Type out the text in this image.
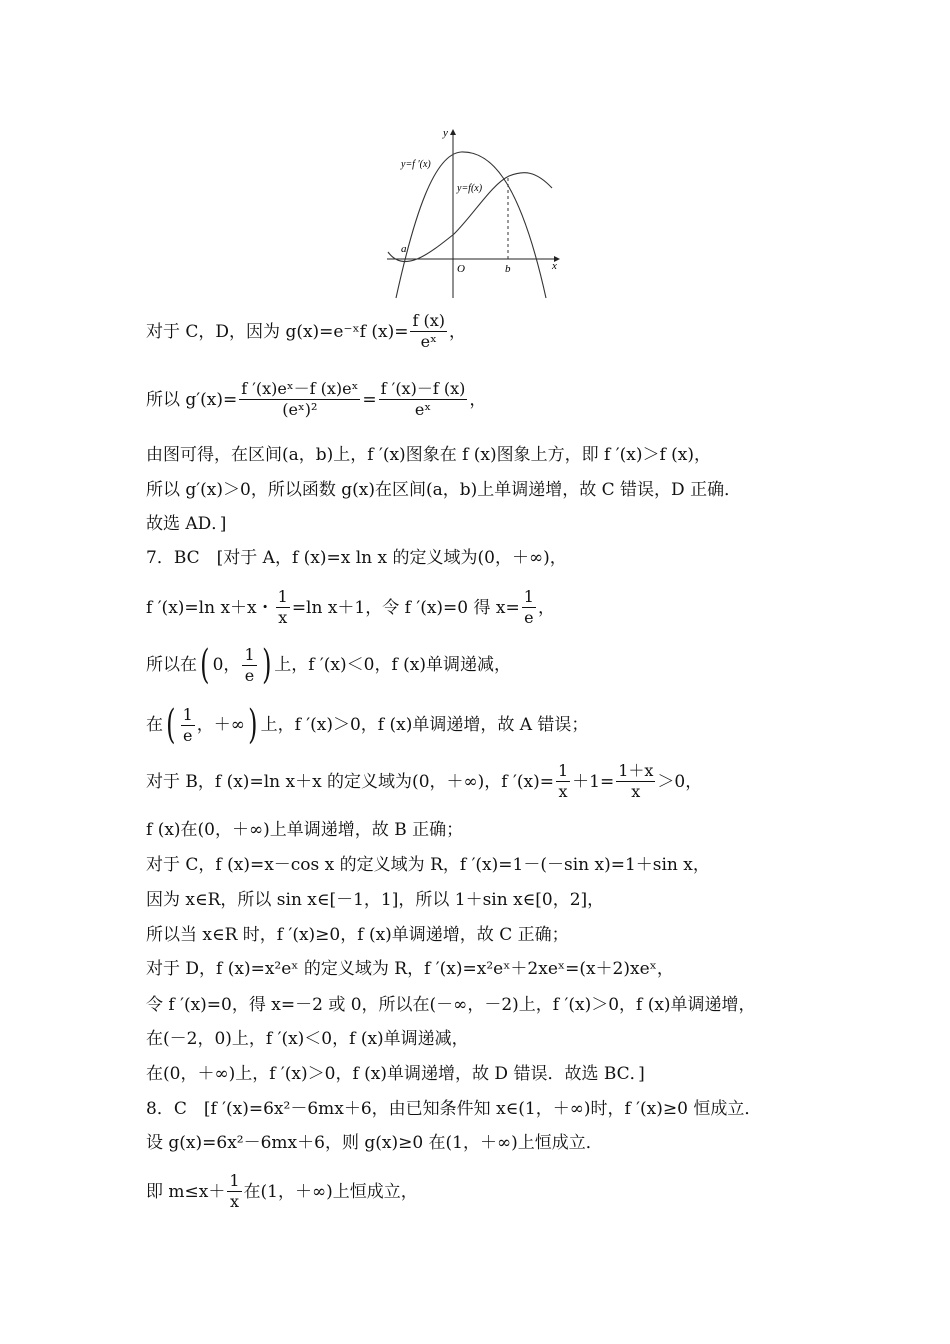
y=f ′(x)
y=f(x)
a
O	b	x
y
对于 C，D，因为 g(x)=e⁻ˣf $(x)= \frac{f (x)}{\text{eˣ}}$ ，
所以 $g'(x)= \frac{\text{f ′(x)eˣ－f (x)eˣ}}{\text{(eˣ)²}} = \frac{f '(x)-f (x)}{\text{eˣ}}$ ，
由图可得，在区间(a，b)上，f ′(x)图象在 f (x)图象上方，即 f ′(x)＞f (x)，
所以 g′(x)＞0，所以函数 g(x)在区间(a，b)上单调递增，故 C 错误，D 正确．
故选 AD．]
7．BC　[对于 A，f (x)=x ln x 的定义域为(0，＋∞)，
f ′(x)=ln x＋x・ $\frac{1}{x} =\ln$ x＋1，令 f ′(x)=0 得 $x= \frac{1}{e}$ ，
所以在 ( 0， $\frac{1}{e}$ ) 上，f ′(x)＜0，f (x)单调递减，
在 ( $\frac{1}{e}$ ，＋∞ ) 上，f ′(x)＞0，f (x)单调递增，故 A 错误；
对于 B，f (x)=ln x＋x 的定义域为(0，＋∞)，f $'(x)= \frac{1}{x} +1= \frac{1+x}{x} >0$，
f (x)在(0，＋∞)上单调递增，故 B 正确；
对于 C，f (x)=x－cos x 的定义域为 R，f ′(x)=1－(－sin x)=1＋sin x，
因为 x∈R，所以 sin x∈[－1，1]，所以 1＋sin x∈[0，2]，
所以当 x∈R 时，f ′(x)≥0，f (x)单调递增，故 C 正确；
对于 D，f (x)=x²eˣ 的定义域为 R，f ′(x)=x²eˣ＋2xeˣ=(x＋2)xeˣ，
令 f ′(x)=0，得 x=－2 或 0，所以在(－∞，－2)上，f ′(x)＞0，f (x)单调递增，
在(－2，0)上，f ′(x)＜0，f (x)单调递减，
在(0，＋∞)上，f ′(x)＞0，f (x)单调递增，故 D 错误．故选 BC．]
8．C　[f ′(x)=6x²－6mx＋6，由已知条件知 x∈(1，＋∞)时，f ′(x)≥0 恒成立．
设 g(x)=6x²－6mx＋6，则 g(x)≥0 在(1，＋∞)上恒成立．
即 $m\le x+ \frac{1}{x}$ 在(1，＋∞)上恒成立，
